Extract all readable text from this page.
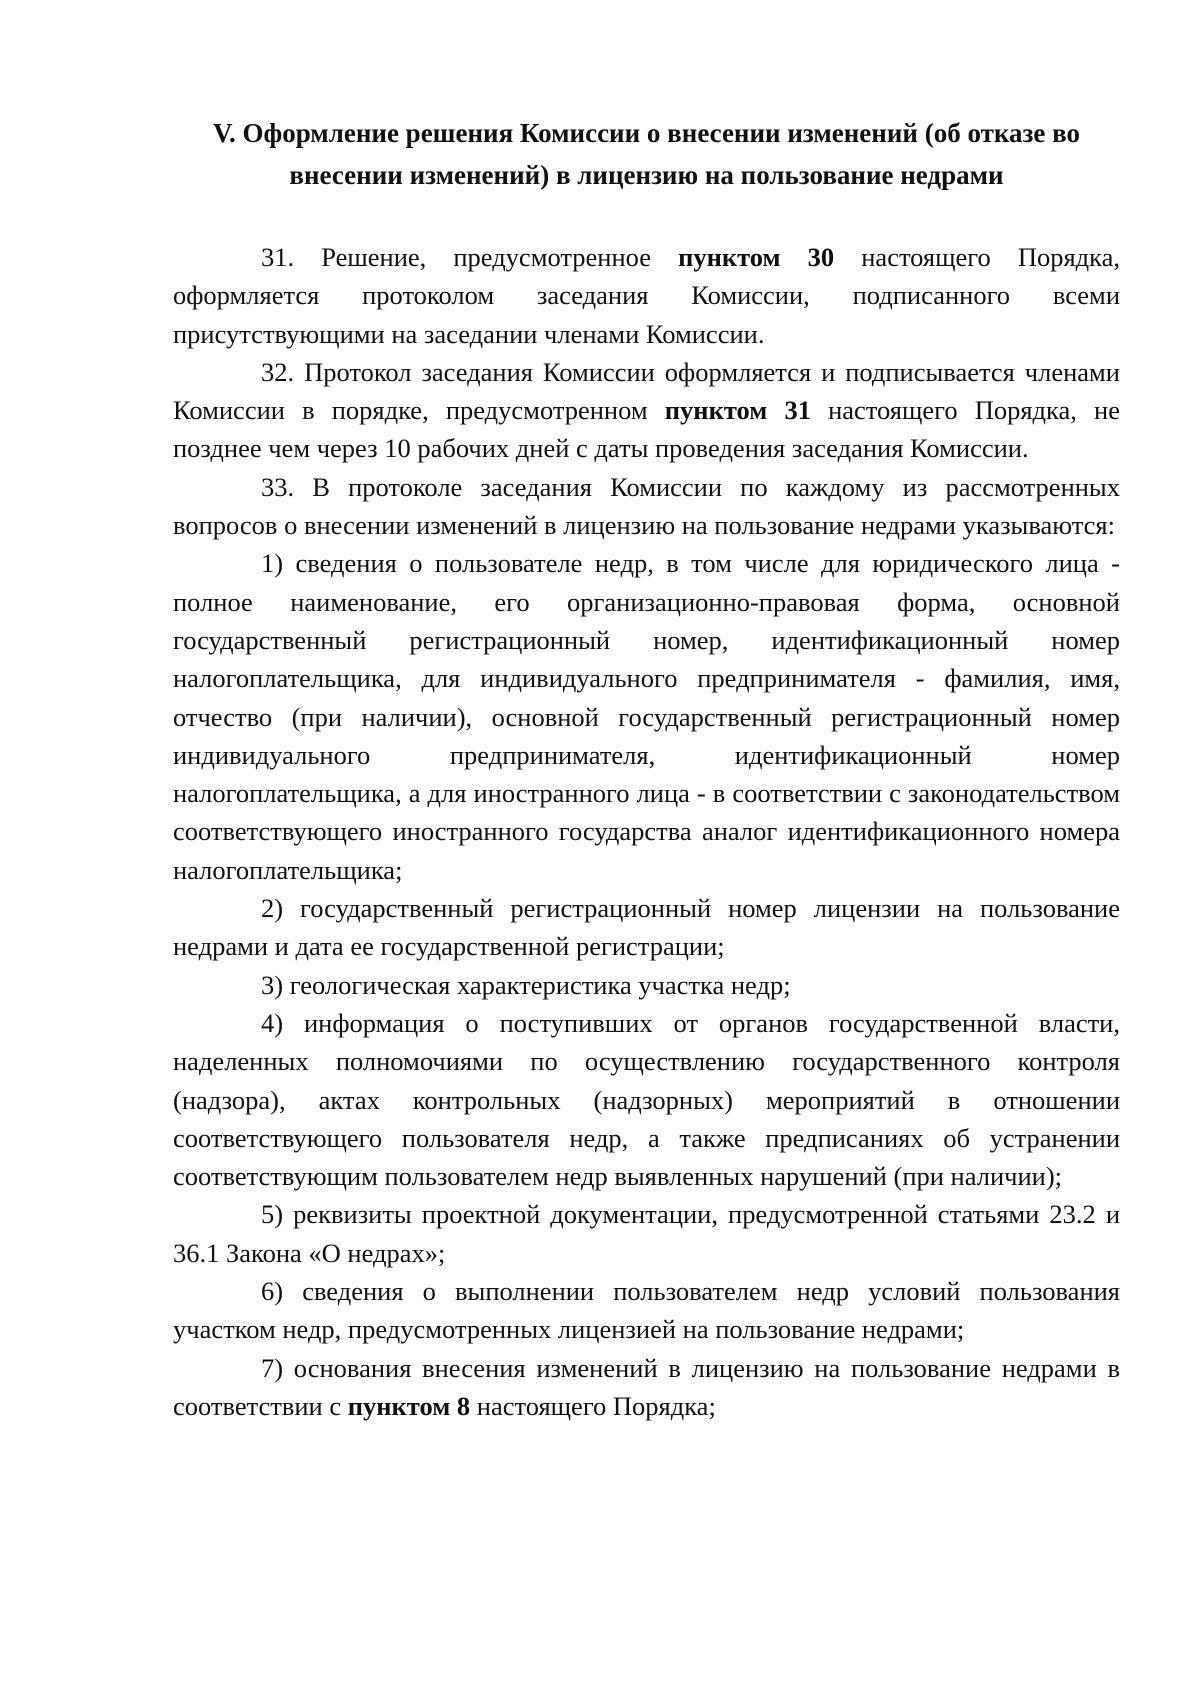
V. Оформление решения Комиссии о внесении изменений (об отказе во
внесении изменений) в лицензию на пользование недрами

31. Решение, предусмотренное пунктом 30 настоящего Порядка, оформляется протоколом заседания Комиссии, подписанного всеми присутствующими на заседании членами Комиссии.

32. Протокол заседания Комиссии оформляется и подписывается членами Комиссии в порядке, предусмотренном пунктом 31 настоящего Порядка, не позднее чем через 10 рабочих дней с даты проведения заседания Комиссии.

33. В протоколе заседания Комиссии по каждому из рассмотренных вопросов о внесении изменений в лицензию на пользование недрами указываются:

1) сведения о пользователе недр, в том числе для юридического лица - полное наименование, его организационно-правовая форма, основной государственный регистрационный номер, идентификационный номер налогоплательщика, для индивидуального предпринимателя - фамилия, имя, отчество (при наличии), основной государственный регистрационный номер индивидуального предпринимателя, идентификационный номер налогоплательщика, а для иностранного лица - в соответствии с законодательством соответствующего иностранного государства аналог идентификационного номера налогоплательщика;

2) государственный регистрационный номер лицензии на пользование недрами и дата ее государственной регистрации;

3) геологическая характеристика участка недр;

4) информация о поступивших от органов государственной власти, наделенных полномочиями по осуществлению государственного контроля (надзора), актах контрольных (надзорных) мероприятий в отношении соответствующего пользователя недр, а также предписаниях об устранении соответствующим пользователем недр выявленных нарушений (при наличии);

5) реквизиты проектной документации, предусмотренной статьями 23.2 и 36.1 Закона «О недрах»;

6) сведения о выполнении пользователем недр условий пользования участком недр, предусмотренных лицензией на пользование недрами;

7) основания внесения изменений в лицензию на пользование недрами в соответствии с пунктом 8 настоящего Порядка;
